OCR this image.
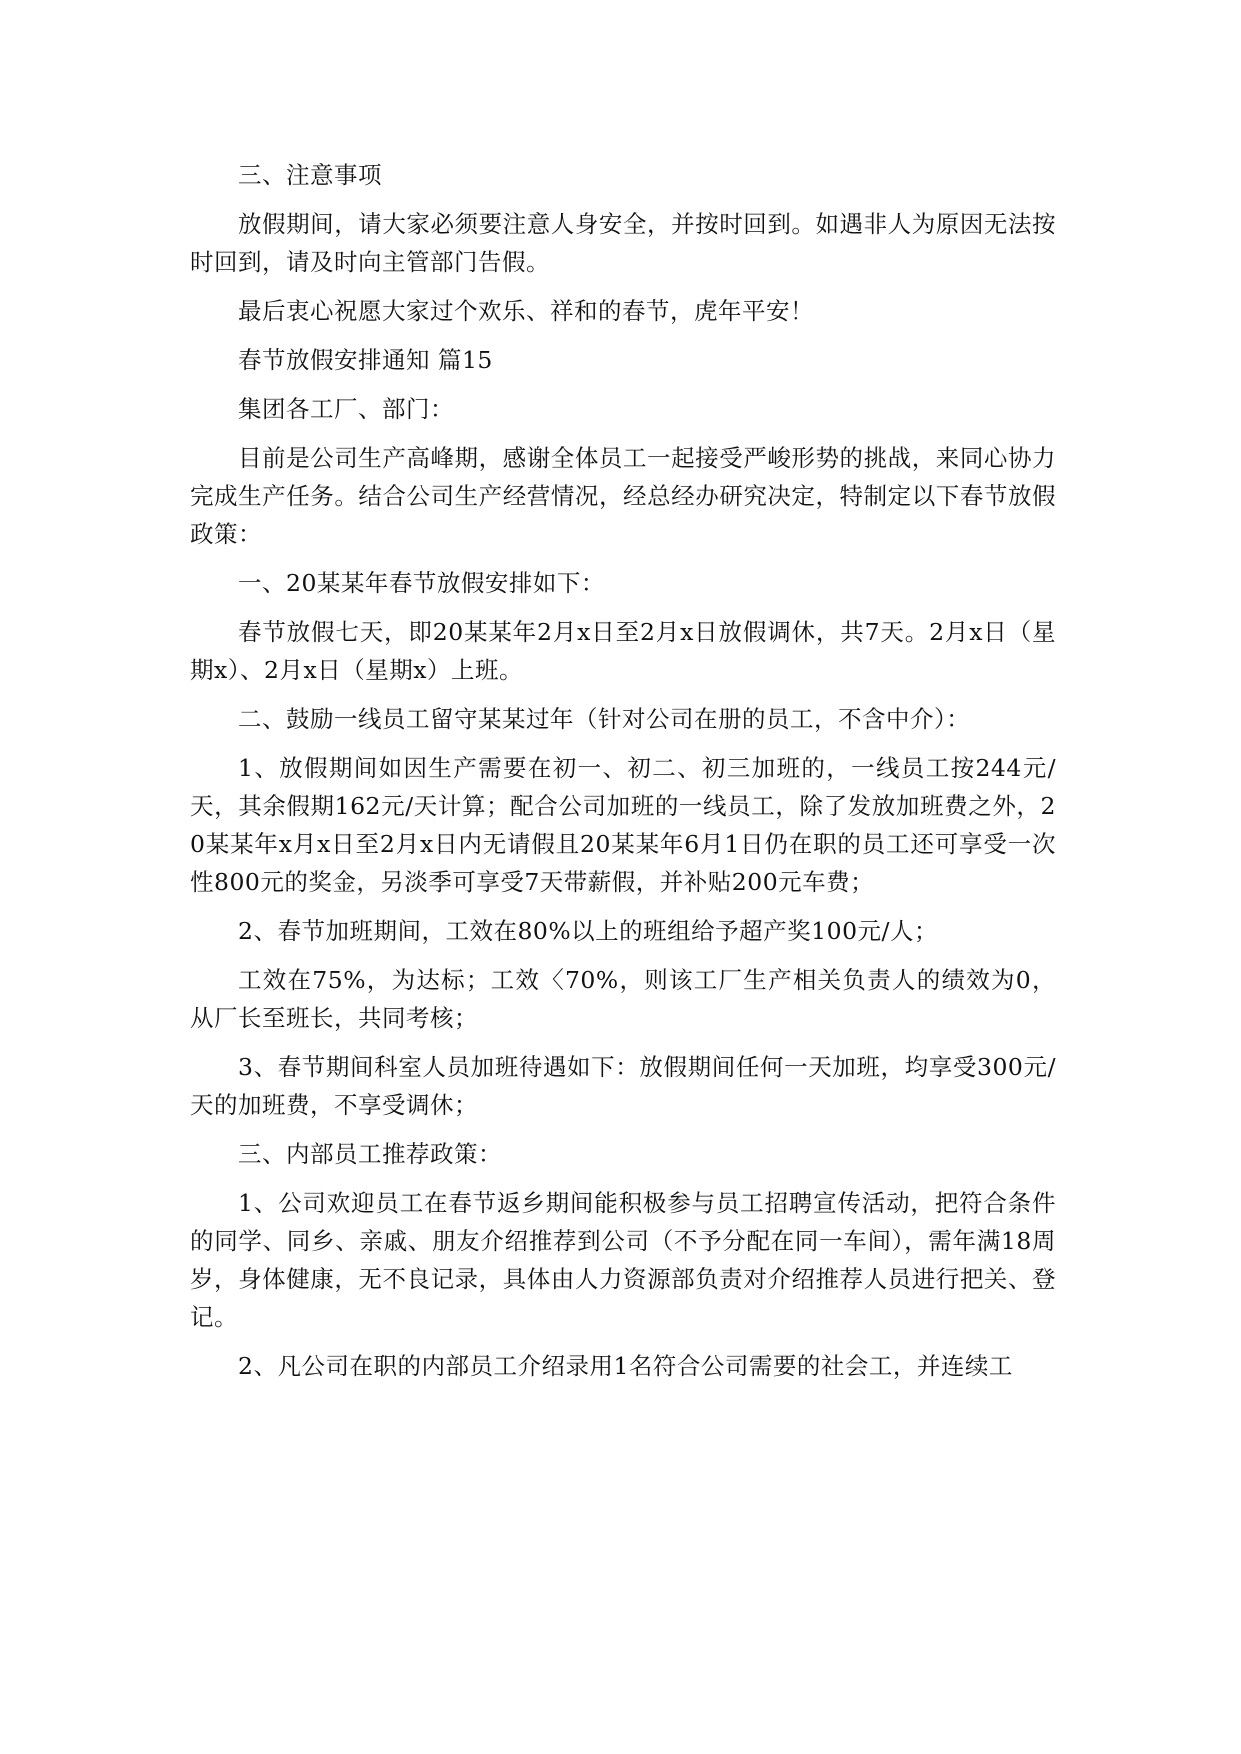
三、注意事项

放假期间，请大家必须要注意人身安全，并按时回到。如遇非人为原因无法按时回到，请及时向主管部门告假。

最后衷心祝愿大家过个欢乐、祥和的春节，虎年平安！

春节放假安排通知 篇15

集团各工厂、部门：

目前是公司生产高峰期，感谢全体员工一起接受严峻形势的挑战，来同心协力完成生产任务。结合公司生产经营情况，经总经办研究决定，特制定以下春节放假政策：

一、20某某年春节放假安排如下：

春节放假七天，即20某某年2月x日至2月x日放假调休，共7天。2月x日（星期x）、2月x日（星期x）上班。

二、鼓励一线员工留守某某过年（针对公司在册的员工，不含中介）：

1、放假期间如因生产需要在初一、初二、初三加班的，一线员工按244元/天，其余假期162元/天计算；配合公司加班的一线员工，除了发放加班费之外，20某某年x月x日至2月x日内无请假且20某某年6月1日仍在职的员工还可享受一次性800元的奖金，另淡季可享受7天带薪假，并补贴200元车费；

2、春节加班期间，工效在80%以上的班组给予超产奖100元/人；

工效在75%，为达标；工效〈70%，则该工厂生产相关负责人的绩效为0，从厂长至班长，共同考核；

3、春节期间科室人员加班待遇如下：放假期间任何一天加班，均享受300元/天的加班费，不享受调休；

三、内部员工推荐政策：

1、公司欢迎员工在春节返乡期间能积极参与员工招聘宣传活动，把符合条件的同学、同乡、亲戚、朋友介绍推荐到公司（不予分配在同一车间），需年满18周岁，身体健康，无不良记录，具体由人力资源部负责对介绍推荐人员进行把关、登记。

2、凡公司在职的内部员工介绍录用1名符合公司需要的社会工，并连续工
